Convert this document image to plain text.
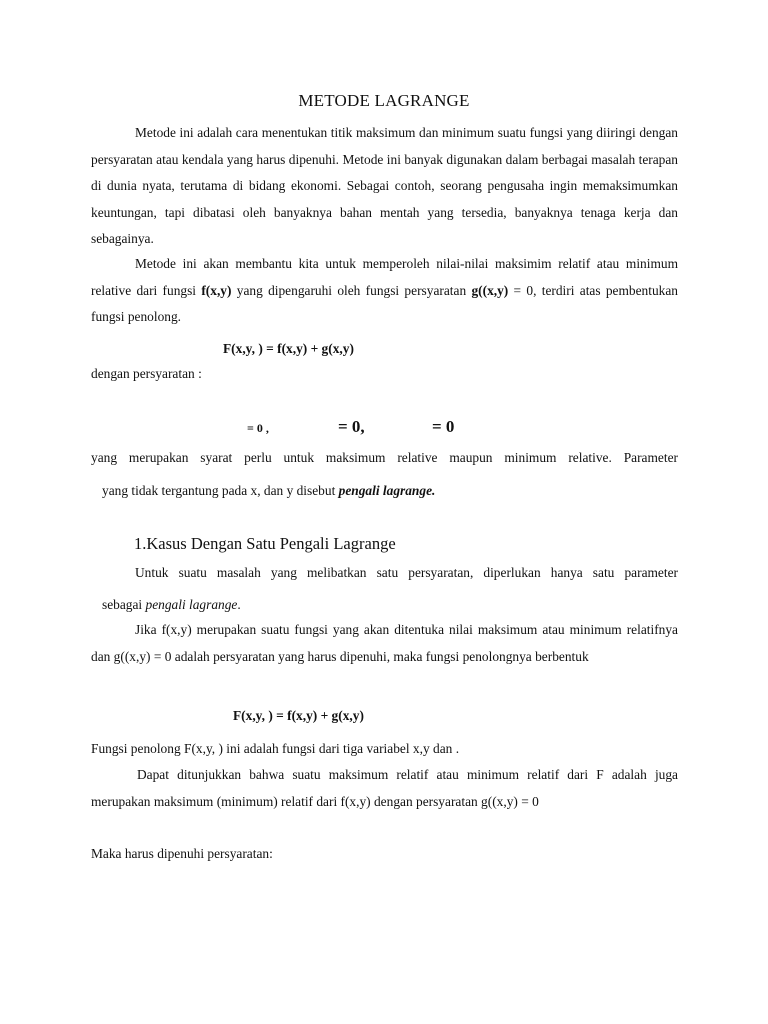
METODE LAGRANGE
Metode ini adalah cara menentukan titik maksimum dan minimum suatu fungsi yang diiringi dengan persyaratan atau kendala yang harus dipenuhi. Metode ini banyak digunakan dalam berbagai masalah terapan di dunia nyata, terutama di bidang ekonomi. Sebagai contoh, seorang pengusaha ingin memaksimumkan keuntungan, tapi dibatasi oleh banyaknya bahan mentah yang tersedia, banyaknya tenaga kerja dan sebagainya.
Metode ini akan membantu kita untuk memperoleh nilai-nilai maksimim relatif atau minimum relative dari fungsi f(x,y) yang dipengaruhi oleh fungsi persyaratan g((x,y) = 0, terdiri atas pembentukan fungsi penolong.
F(x,y, ) = f(x,y) + g(x,y)
dengan persyaratan :
= 0 ,	= 0,	= 0
yang merupakan syarat perlu untuk maksimum relative maupun minimum relative. Parameter
yang tidak tergantung pada x, dan y disebut pengali lagrange.
1.Kasus Dengan Satu Pengali Lagrange
Untuk suatu masalah yang melibatkan satu persyaratan, diperlukan hanya satu parameter
sebagai pengali lagrange.
Jika f(x,y) merupakan suatu fungsi yang akan ditentuka nilai maksimum atau minimum relatifnya dan g((x,y) = 0 adalah persyaratan yang harus dipenuhi, maka fungsi penolongnya berbentuk
F(x,y, ) = f(x,y) + g(x,y)
Fungsi penolong F(x,y, ) ini adalah fungsi dari tiga variabel x,y dan .
Dapat ditunjukkan bahwa suatu maksimum relatif atau minimum relatif dari F adalah juga merupakan maksimum (minimum) relatif dari f(x,y) dengan persyaratan g((x,y) = 0
Maka harus dipenuhi persyaratan:
